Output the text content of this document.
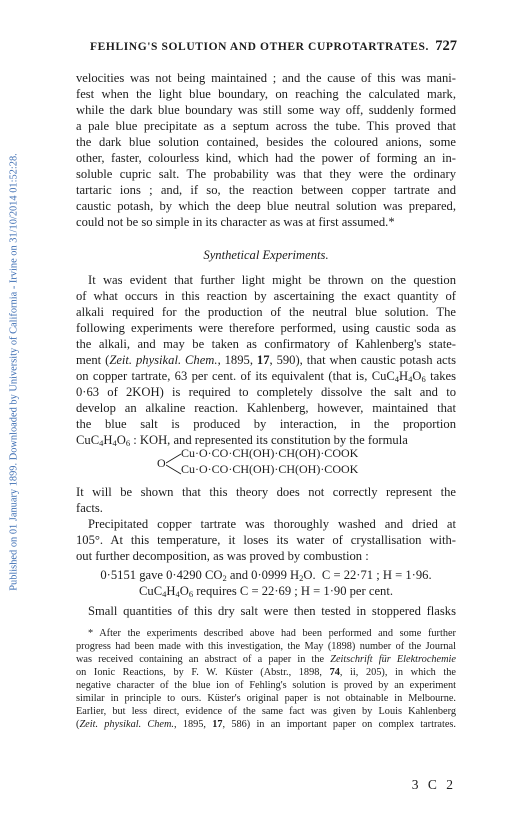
Published on 01 January 1899. Downloaded by University of California - Irvine on 31/10/2014 01:52:28.
FEHLING'S SOLUTION AND OTHER CUPROTARTRATES. 727
velocities was not being maintained ; and the cause of this was mani-
fest when the light blue boundary, on reaching the calculated mark,
while the dark blue boundary was still some way off, suddenly formed
a pale blue precipitate as a septum across the tube. This proved that
the dark blue solution contained, besides the coloured anions, some
other, faster, colourless kind, which had the power of forming an in-
soluble cupric salt. The probability was that they were the ordinary
tartaric ions ; and, if so, the reaction between copper tartrate and
caustic potash, by which the deep blue neutral solution was prepared,
could not be so simple in its character as was at first assumed.*
Synthetical Experiments.
It was evident that further light might be thrown on the question
of what occurs in this reaction by ascertaining the exact quantity of
alkali required for the production of the neutral blue solution. The
following experiments were therefore performed, using caustic soda as
the alkali, and may be taken as confirmatory of Kahlenberg's state-
ment (Zeit. physikal. Chem., 1895, 17, 590), that when caustic potash acts
on copper tartrate, 63 per cent. of its equivalent (that is, $CuC_4H_4O_6$ takes
0·63 of 2KOH) is required to completely dissolve the salt and to
develop an alkaline reaction. Kahlenberg, however, maintained that
the blue salt is produced by interaction, in the proportion
$CuC_4H_4O_6$ : KOH, and represented its constitution by the formula
O
Cu·O·CO·CH(OH)·CH(OH)·COOK
Cu·O·CO·CH(OH)·CH(OH)·COOK
It will be shown that this theory does not correctly represent the
facts.
Precipitated copper tartrate was thoroughly washed and dried at
105°. At this temperature, it loses its water of crystallisation with-
out further decomposition, as was proved by combustion :
0·5151 gave 0·4290 $CO_2$ and 0·0999 $H_2O$.  C = 22·71 ; H = 1·96.
$CuC_4H_4O_6$ requires C = 22·69 ; H = 1·90 per cent.
Small quantities of this dry salt were then tested in stoppered flasks
* After the experiments described above had been performed and some further
progress had been made with this investigation, the May (1898) number of the Journal
was received containing an abstract of a paper in the Zeitschrift für Elektrochemie
on Ionic Reactions, by F. W. Küster (Abstr., 1898, 74, ii, 205), in which the
negative character of the blue ion of Fehling's solution is proved by an experiment
similar in principle to ours. Küster's original paper is not obtainable in Melbourne.
Earlier, but less direct, evidence of the same fact was given by Louis Kahlenberg
(Zeit. physikal. Chem., 1895, 17, 586) in an important paper on complex tartrates.
3 C 2
